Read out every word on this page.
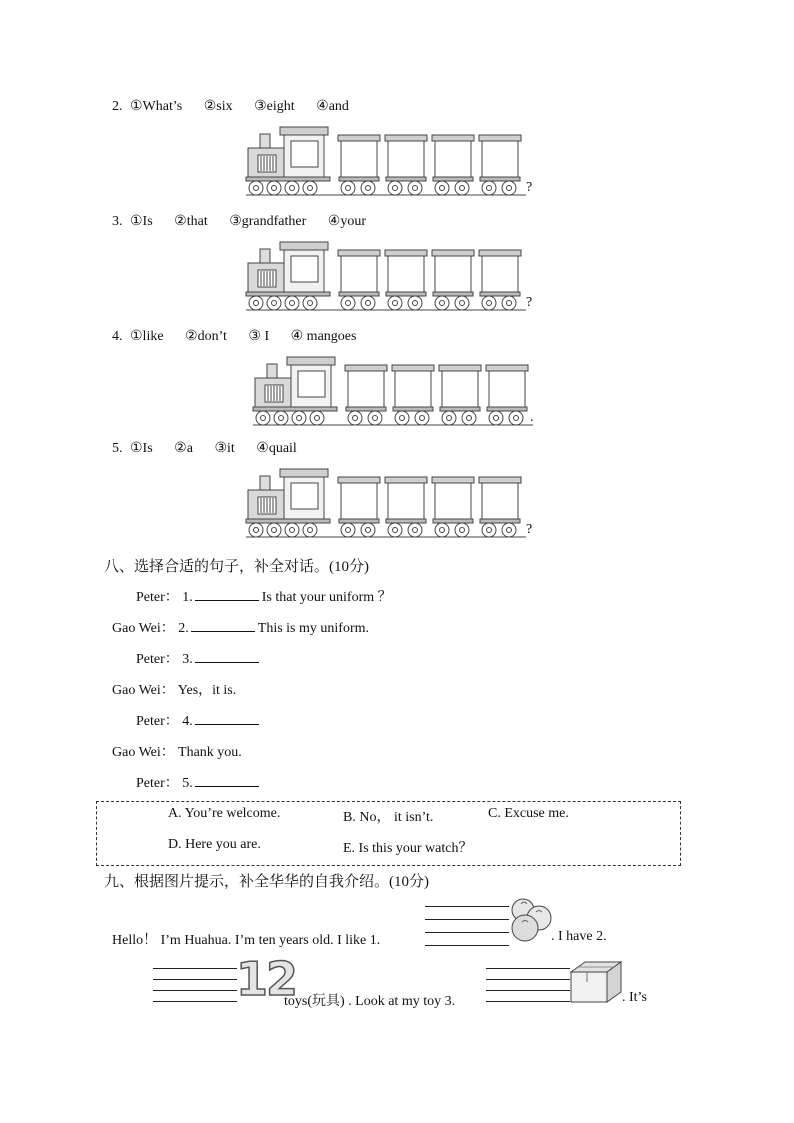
2. ①What’s ②six ③eight ④and
?
3. ①Is ②that ③grandfather ④your
?
4. ①like ②don’t ③ I ④ mangoes
.
5. ①Is ②a ③it ④quail
?
八、选择合适的句子，补全对话。(10分)
Peter： 1.	Is that your uniform ？
Gao Wei： 2.	This is my uniform.
Peter： 3.
Gao Wei： Yes，it is.
Peter： 4.
Gao Wei： Thank you.
Peter： 5.
A. You’re welcome.	B. No， it isn’t.	C. Excuse me.
D. Here you are.	E. Is this your watch？
九、根据图片提示，补全华华的自我介绍。(10分)
Hello！ I’m Huahua. I’m ten years old. I like 1.	. I have 2.
12
toys(玩具) . Look at my toy 3.	. It’s
